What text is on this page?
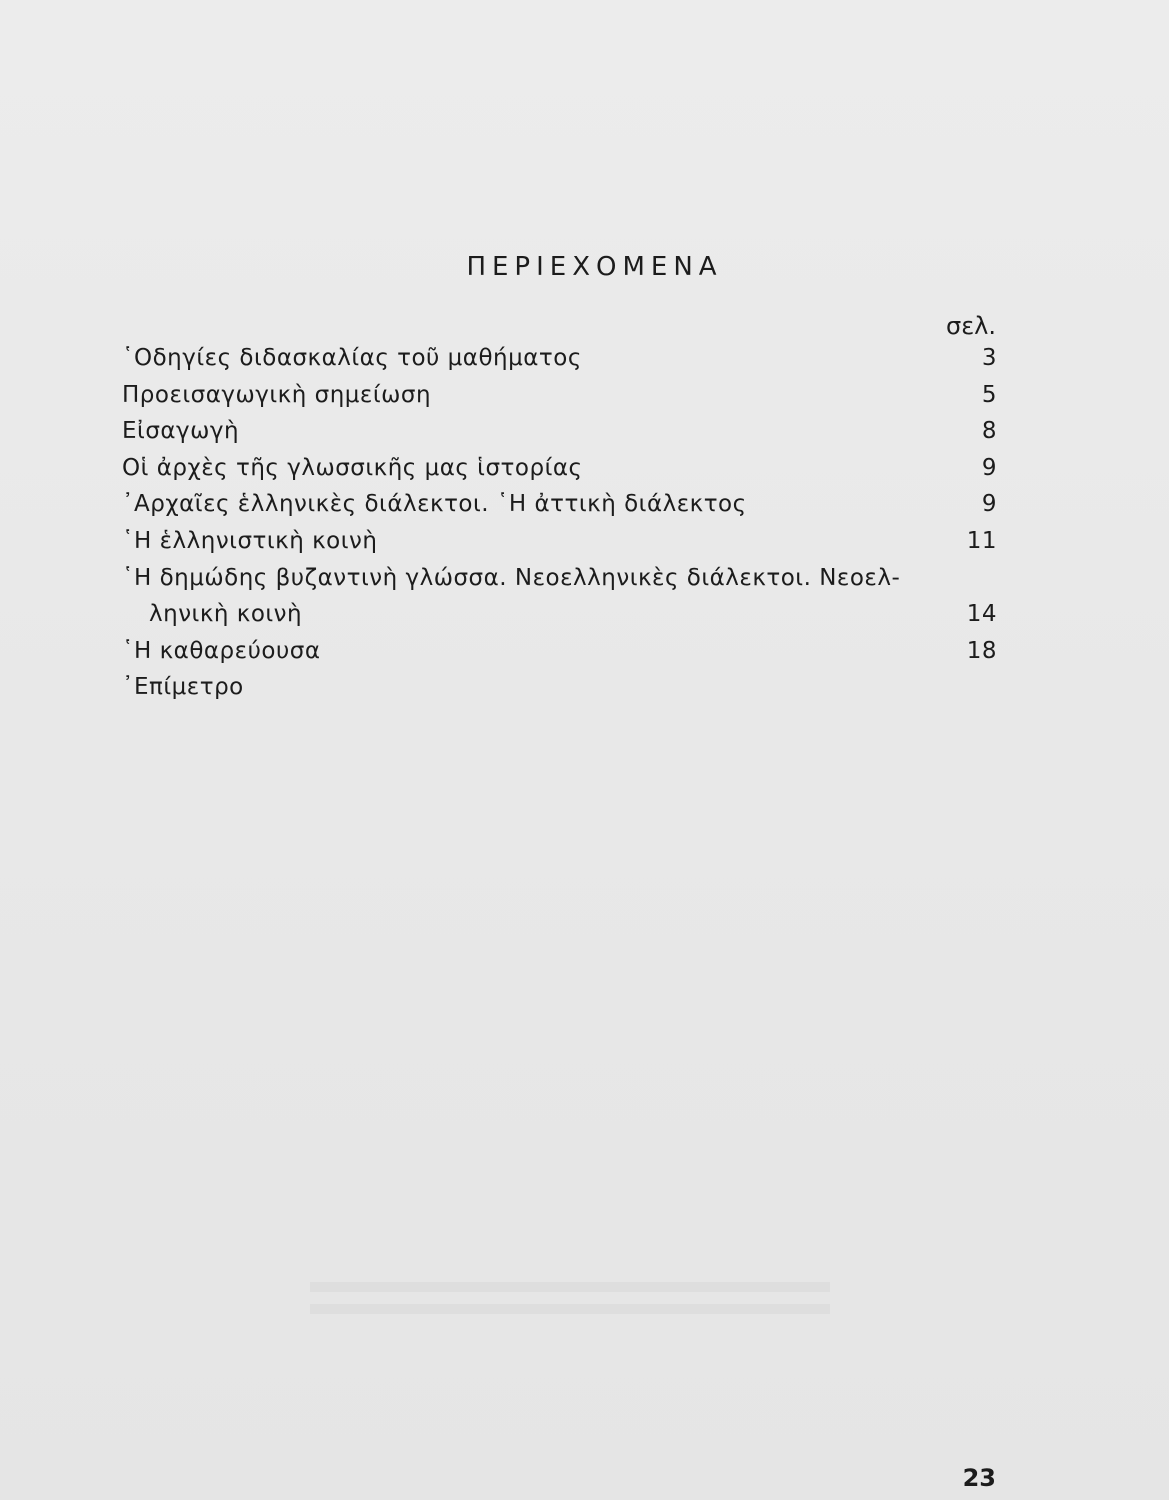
ΠΕΡΙΕΧΟΜΕΝΑ
σελ.
῾Οδηγίες διδασκαλίας τοῦ μαθήματος	3
Προεισαγωγικὴ σημείωση	5
Εἰσαγωγὴ	8
Οἱ ἀρχὲς τῆς γλωσσικῆς μας ἱστορίας	9
᾽Αρχαῖες ἑλληνικὲς διάλεκτοι. ῾Η ἀττικὴ διάλεκτος	9
῾Η ἑλληνιστικὴ κοινὴ	11
῾Η δημώδης βυζαντινὴ γλώσσα. Νεοελληνικὲς διάλεκτοι. Νεοελ-
ληνικὴ κοινὴ	14
῾Η καθαρεύουσα	18
᾽Επίμετρο
23
